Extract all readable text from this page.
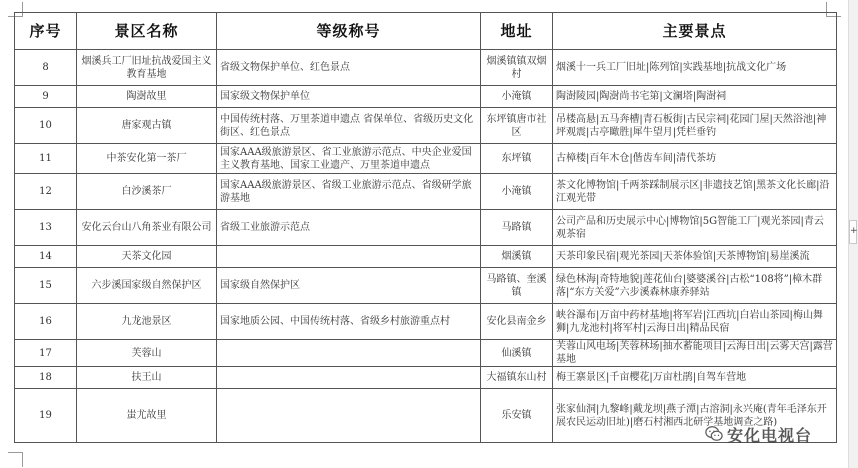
+
序号	景区名称	等级称号	地址	主要景点
8	烟溪兵工厂旧址抗战爱国主义教育基地	省级文物保护单位、红色景点	烟溪镇镇双烟村	烟溪十一兵工厂旧址|陈列馆|实践基地|抗战文化广场
9	陶澍故里	国家级文物保护单位	小淹镇	陶澍陵园|陶澍尚书宅第|文澜塔|陶澍祠
10	唐家观古镇	中国传统村落、万里茶道申遗点 省保单位、省级历史文化街区、红色景点	东坪镇唐市社区	吊楼高悬|五马奔槽|青石板街|古民宗祠|花园门屋|天然浴池|神坪观震|古亭瞰胜|犀牛望月|凭栏垂钓
11	中茶安化第一茶厂	国家AAA级旅游景区、省工业旅游示范点、中央企业爱国主义教育基地、国家工业遗产、万里茶道申遗点	东坪镇	古樟楼|百年木仓|偕齿车间|清代茶坊
12	白沙溪茶厂	国家AAA级旅游景区、省级工业旅游示范点、省级研学旅游基地	小淹镇	茶文化博物馆|千两茶踩制展示区|非遗技艺馆|黑茶文化长廊|沿江观光带
13	安化云台山八角茶业有限公司	省级工业旅游示范点	马路镇	公司产品和历史展示中心|博物馆|5G智能工厂|观光茶园|青云观茶宿
14	天茶文化园		烟溪镇	天茶印象民宿|观光茶园|天茶体验馆|天茶博物馆|易崖溪流
15	六步溪国家级自然保护区	国家级自然保护区	马路镇、奎溪镇	绿色林海|奇特地貌|莲花仙台|婆婆溪谷|古松“108将”|樟木群落|“东方关爱”六步溪森林康养驿站
16	九龙池景区	国家地质公园、中国传统村落、省级乡村旅游重点村	安化县南金乡	峡谷瀑布|万亩中药材基地|将军岩|江西坑|白岩山茶园|梅山舞狮|九龙池村|将军村|云海日出|精品民宿
17	芙蓉山		仙溪镇	芙蓉山风电场|芙蓉林场|抽水蓄能项目|云海日出|云雾天宫|露营基地
18	扶王山		大福镇东山村	梅王寨景区|千亩樱花|万亩杜鹃|自驾车营地
19	蚩尤故里		乐安镇	张家仙洞|九黎峰|戴龙坝|燕子潭|古溶洞|永兴庵(青年毛泽东开展农民运动旧址)|磨石村湘西北研学基地调查之路)
安化电视台
